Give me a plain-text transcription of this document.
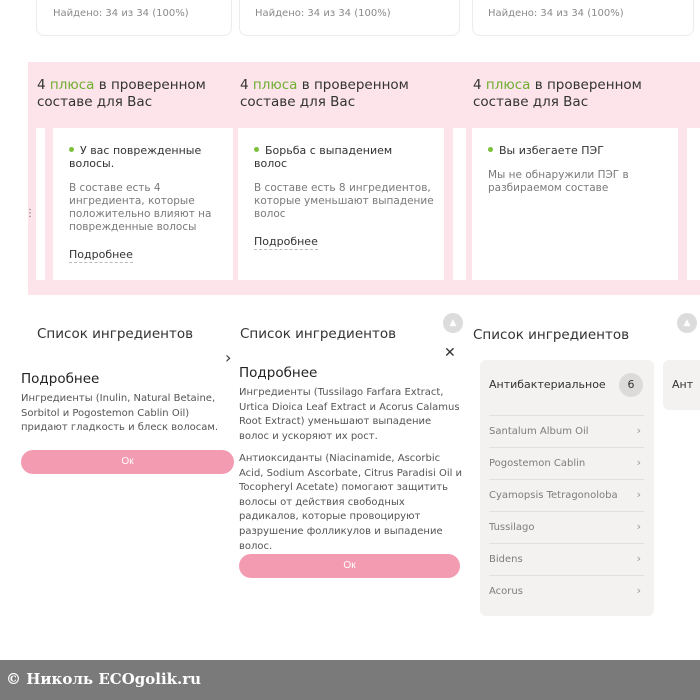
Найдено: 34 из 34 (100%)	Найдено: 34 из 34 (100%)	Найдено: 34 из 34 (100%)
4 плюса в проверенном
составе для Вас
4 плюса в проверенном
составе для Вас
4 плюса в проверенном
составе для Вас
⋮
У вас поврежденные волосы.
В составе есть 4 ингредиента, которые положительно влияют на поврежденные волосы
Подробнее
Борьба с выпадением волос
В составе есть 8 ингредиентов, которые уменьшают выпадение волос
Подробнее
Вы избегаете ПЭГ
Мы не обнаружили ПЭГ в разбираемом составе
Список ингредиентов	Список ингредиентов	Список ингредиентов
▲	▲
Подробнее
Ингредиенты (Inulin, Natural Betaine, Sorbitol и Pogostemon Cablin Oil) придают гладкость и блеск волосам.
Ок
›
Подробнее
Ингредиенты (Tussilago Farfara Extract, Urtica Dioica Leaf Extract и Acorus Calamus Root Extract) уменьшают выпадение волос и ускоряют их рост.
Антиоксиданты (Niacinamide, Ascorbic Acid, Sodium Ascorbate, Citrus Paradisi Oil и Tocopheryl Acetate) помогают защитить волосы от действия свободных радикалов, которые провоцируют разрушение фолликулов и выпадение волос.
Ок
✕
Антибактериальное	6
Santalum Album Oil	›
Pogostemon Cablin	›
Cyamopsis Tetragonoloba ›
Tussilago	›
Bidens	›
Acorus	›
Ант
© Николь ECOgolik.ru
